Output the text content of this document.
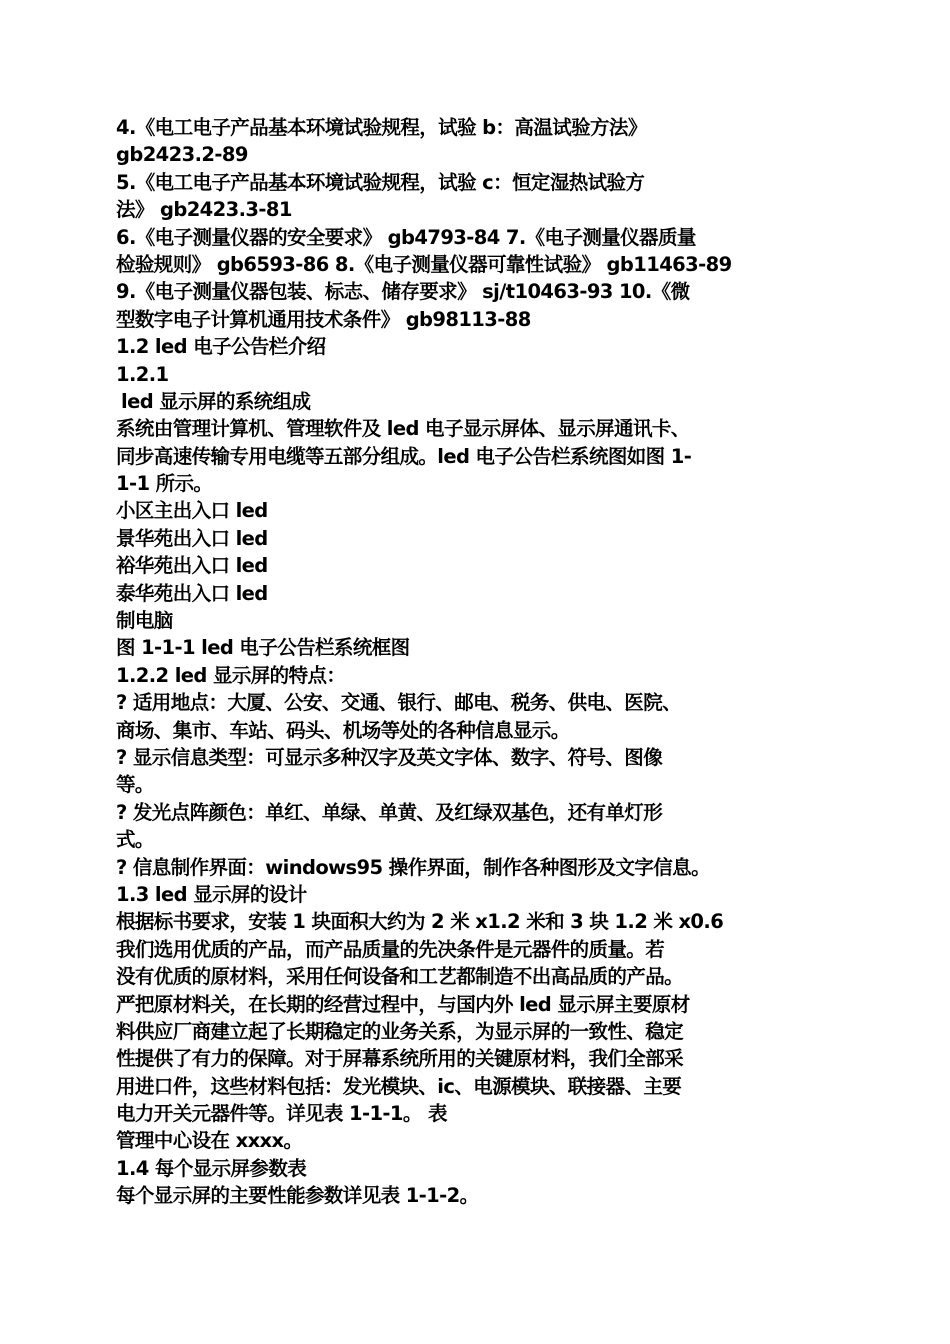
4.《电工电子产品基本环境试验规程，试验 b：高温试验方法》
gb2423.2-89
5.《电工电子产品基本环境试验规程，试验 c：恒定湿热试验方
法》 gb2423.3-81
6.《电子测量仪器的安全要求》 gb4793-84 7.《电子测量仪器质量
检验规则》 gb6593-86 8.《电子测量仪器可靠性试验》 gb11463-89
9.《电子测量仪器包装、标志、储存要求》 sj/t10463-93 10.《微
型数字电子计算机通用技术条件》 gb98113-88
1.2 led 电子公告栏介绍
1.2.1
led 显示屏的系统组成
系统由管理计算机、管理软件及 led 电子显示屏体、显示屏通讯卡、
同步高速传输专用电缆等五部分组成。led 电子公告栏系统图如图 1-
1-1 所示。
小区主出入口 led
景华苑出入口 led
裕华苑出入口 led
泰华苑出入口 led
制电脑
图 1-1-1 led 电子公告栏系统框图
1.2.2 led 显示屏的特点：
? 适用地点：大厦、公安、交通、银行、邮电、税务、供电、医院、
商场、集市、车站、码头、机场等处的各种信息显示。
? 显示信息类型：可显示多种汉字及英文字体、数字、符号、图像
等。
? 发光点阵颜色：单红、单绿、单黄、及红绿双基色，还有单灯形
式。
? 信息制作界面：windows95 操作界面，制作各种图形及文字信息。
1.3 led 显示屏的设计
根据标书要求，安装 1 块面积大约为 2 米 x1.2 米和 3 块 1.2 米 x0.6
我们选用优质的产品，而产品质量的先决条件是元器件的质量。若
没有优质的原材料，采用任何设备和工艺都制造不出高品质的产品。
严把原材料关，在长期的经营过程中，与国内外 led 显示屏主要原材
料供应厂商建立起了长期稳定的业务关系，为显示屏的一致性、稳定
性提供了有力的保障。对于屏幕系统所用的关键原材料，我们全部采
用进口件，这些材料包括：发光模块、ic、电源模块、联接器、主要
电力开关元器件等。详见表 1-1-1。 表
管理中心设在 xxxx。
1.4 每个显示屏参数表
每个显示屏的主要性能参数详见表 1-1-2。
